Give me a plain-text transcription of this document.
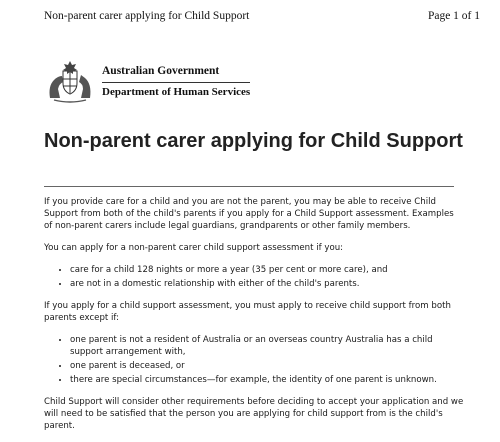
Non-parent carer applying for Child Support	Page 1 of 1
Australian Government
Department of Human Services
Non-parent carer applying for Child Support

If you provide care for a child and you are not the parent, you may be able to receive Child Support from both of the child's parents if you apply for a Child Support assessment. Examples of non-parent carers include legal guardians, grandparents or other family members.

You can apply for a non-parent carer child support assessment if you:

• care for a child 128 nights or more a year (35 per cent or more care), and
• are not in a domestic relationship with either of the child's parents.

If you apply for a child support assessment, you must apply to receive child support from both parents except if:

• one parent is not a resident of Australia or an overseas country Australia has a child support arrangement with,
• one parent is deceased, or
• there are special circumstances—for example, the identity of one parent is unknown.

Child Support will consider other requirements before deciding to accept your application and we will need to be satisfied that the person you are applying for child support from is the child's parent.
